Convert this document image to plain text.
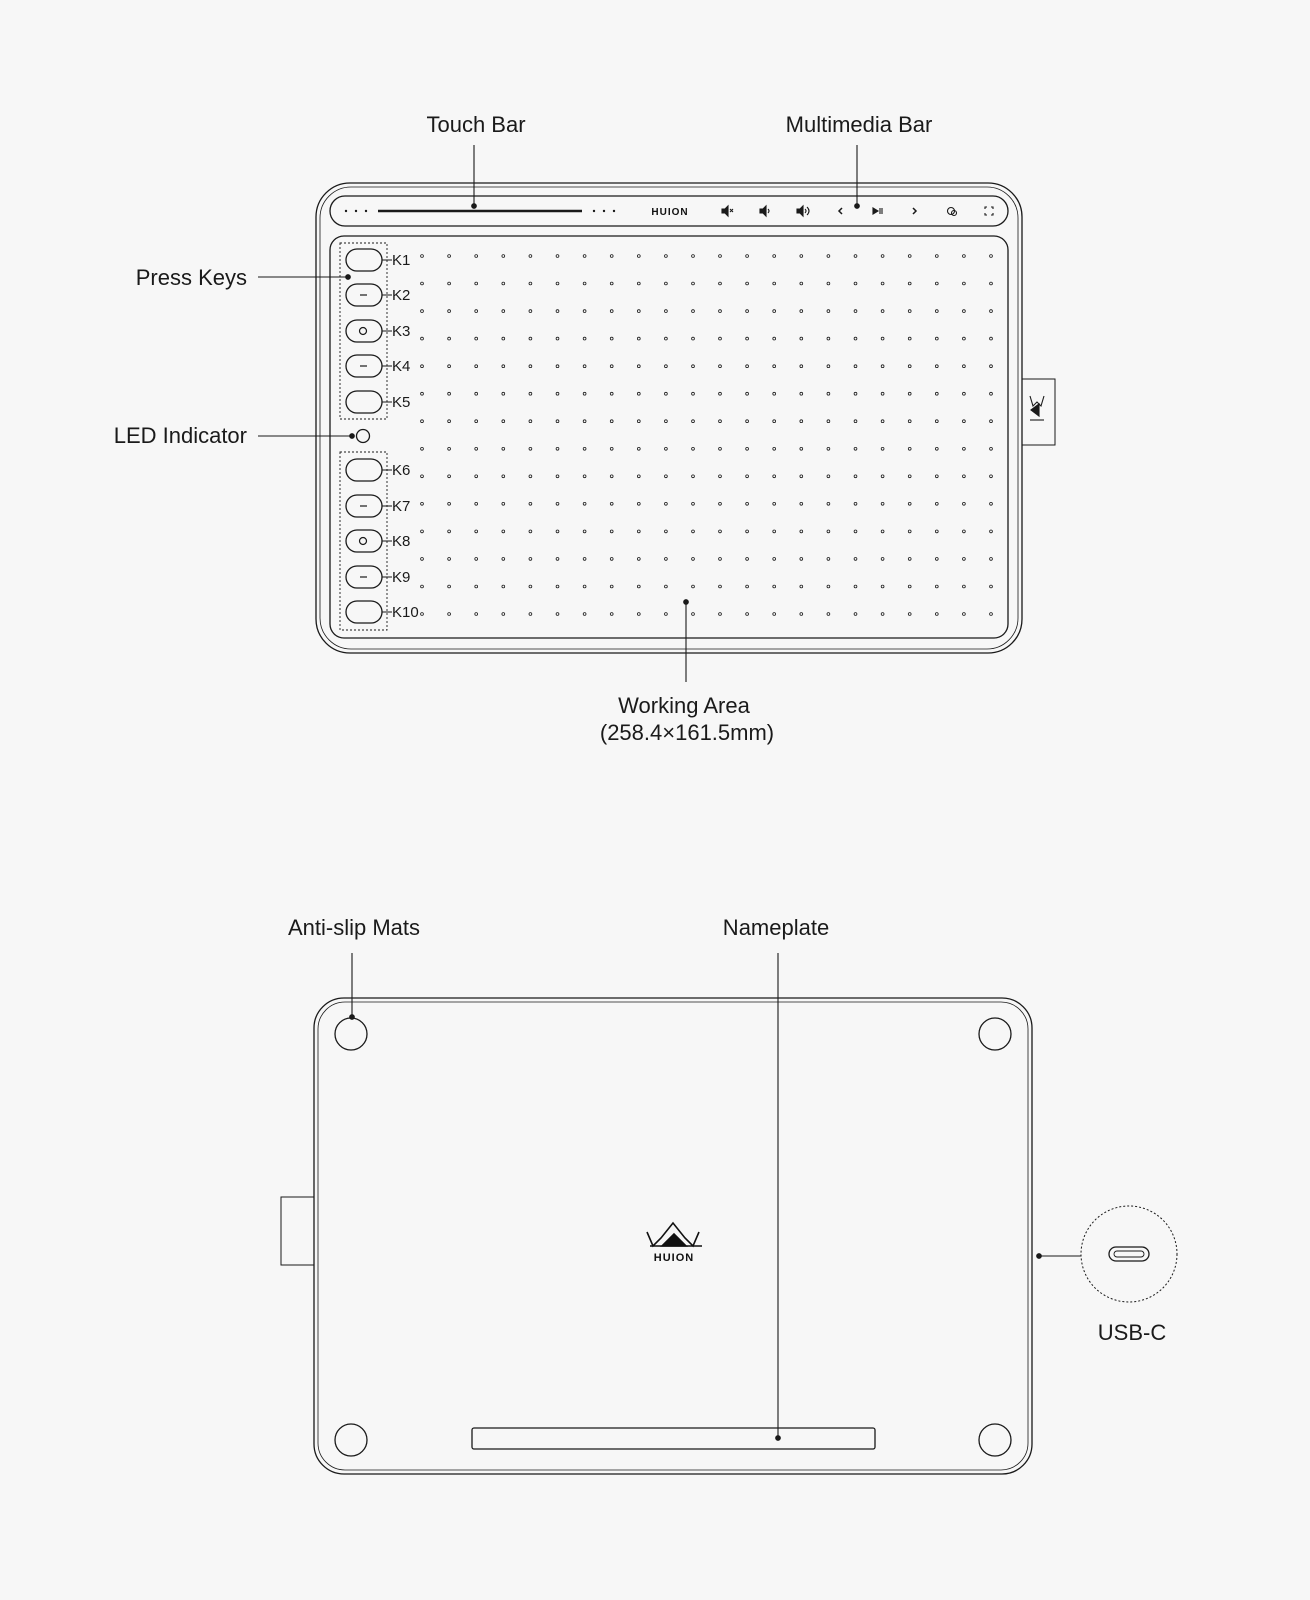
HUION
K1
K2
K3
K4
K5
K6
K7
K8
K9
K10
HUION
Touch Bar	Multimedia Bar
Press Keys
LED Indicator
Working Area
(258.4×161.5mm)
Anti-slip Mats	Nameplate
USB-C
